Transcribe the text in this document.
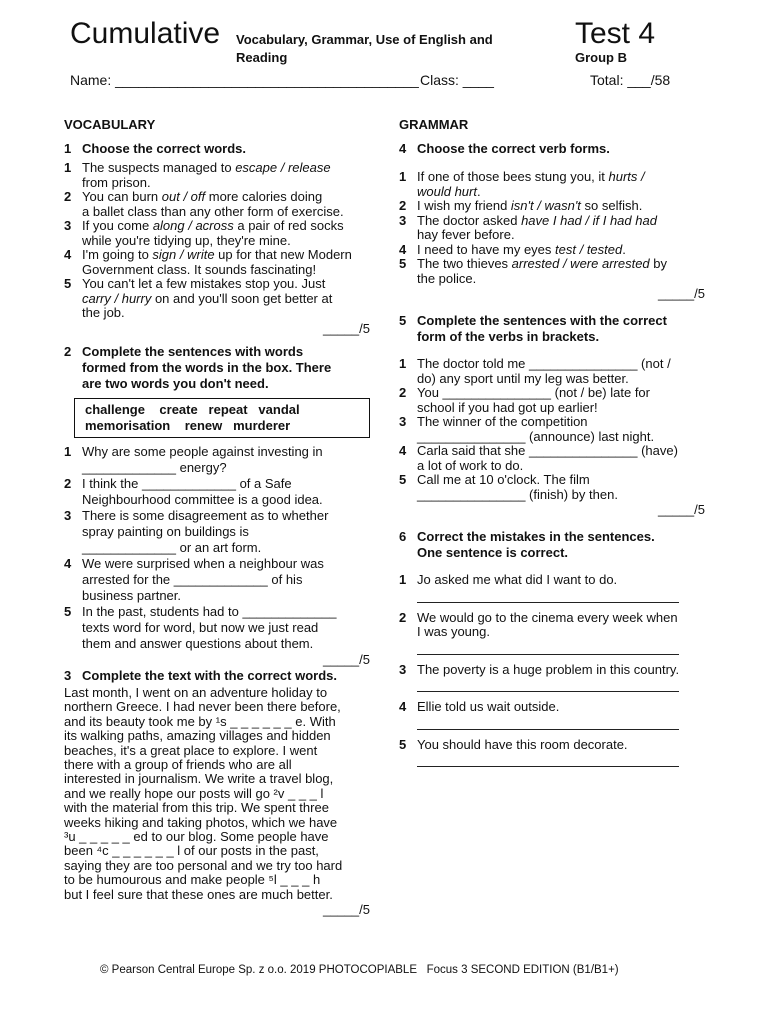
Cumulative Vocabulary, Grammar, Use of English and
Reading
Test 4
Group B
Name: _______________________________________ Class: ____	Total: ___/58
VOCABULARY
1 Choose the correct words.
1 The suspects managed to escape / release
from prison.
2 You can burn out / off more calories doing
a ballet class than any other form of exercise.
3 If you come along / across a pair of red socks
while you're tidying up, they're mine.
4 I'm going to sign / write up for that new Modern
Government class. It sounds fascinating!
5 You can't let a few mistakes stop you. Just
carry / hurry on and you'll soon get better at
the job.
_____/5
2 Complete the sentences with words
formed from the words in the box. There
are two words you don't need.
challenge    create   repeat   vandal
memorisation    renew   murderer
1 Why are some people against investing in
_____________ energy?
2 I think the _____________ of a Safe
Neighbourhood committee is a good idea.
3 There is some disagreement as to whether
spray painting on buildings is
_____________ or an art form.
4 We were surprised when a neighbour was
arrested for the _____________ of his
business partner.
5 In the past, students had to _____________
texts word for word, but now we just read
them and answer questions about them.
_____/5
3 Complete the text with the correct words.
Last month, I went on an adventure holiday to
northern Greece. I had never been there before,
and its beauty took me by ¹s _ _ _ _ _ _ e. With
its walking paths, amazing villages and hidden
beaches, it's a great place to explore. I went
there with a group of friends who are all
interested in journalism. We write a travel blog,
and we really hope our posts will go ²v _ _ _ l
with the material from this trip. We spent three
weeks hiking and taking photos, which we have
³u _ _ _ _ _ ed to our blog. Some people have
been ⁴c _ _ _ _ _ _ l of our posts in the past,
saying they are too personal and we try too hard
to be humourous and make people ⁵l _ _ _ h
but I feel sure that these ones are much better.
_____/5
GRAMMAR
4 Choose the correct verb forms.
1 If one of those bees stung you, it hurts /
would hurt.
2 I wish my friend isn't / wasn't so selfish.
3 The doctor asked have I had / if I had had
hay fever before.
4 I need to have my eyes test / tested.
5 The two thieves arrested / were arrested by
the police.
_____/5
5 Complete the sentences with the correct
form of the verbs in brackets.
1 The doctor told me _______________ (not /
do) any sport until my leg was better.
2 You _______________ (not / be) late for
school if you had got up earlier!
3 The winner of the competition
_______________ (announce) last night.
4 Carla said that she _______________ (have)
a lot of work to do.
5 Call me at 10 o'clock. The film
_______________ (finish) by then.
_____/5
6 Correct the mistakes in the sentences.
One sentence is correct.
1 Jo asked me what did I want to do.
2 We would go to the cinema every week when
I was young.
3 The poverty is a huge problem in this country.
4 Ellie told us wait outside.
5 You should have this room decorate.
© Pearson Central Europe Sp. z o.o. 2019 PHOTOCOPIABLE   Focus 3 SECOND EDITION (B1/B1+)
